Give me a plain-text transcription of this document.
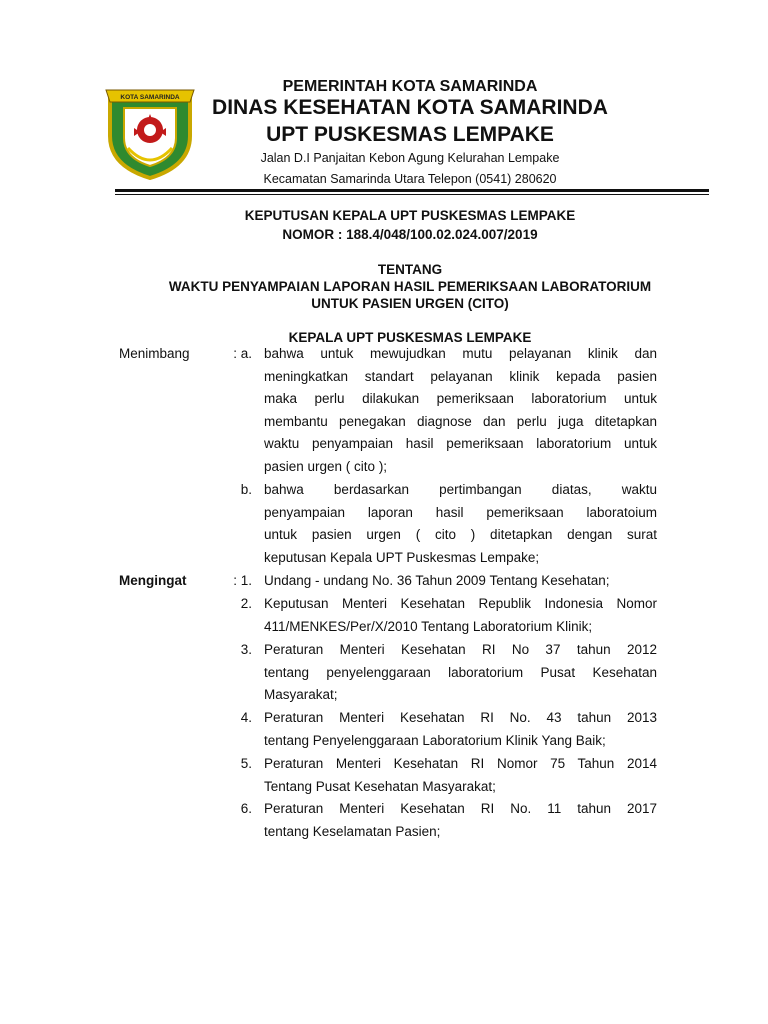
KOTA SAMARINDA
PEMERINTAH KOTA SAMARINDA
DINAS KESEHATAN KOTA SAMARINDA
UPT PUSKESMAS LEMPAKE
Jalan D.I Panjaitan Kebon Agung Kelurahan Lempake
Kecamatan Samarinda Utara Telepon (0541) 280620
KEPUTUSAN KEPALA UPT PUSKESMAS LEMPAKE
NOMOR : 188.4/048/100.02.024.007/2019
TENTANG
WAKTU PENYAMPAIAN LAPORAN HASIL PEMERIKSAAN LABORATORIUM
UNTUK PASIEN URGEN (CITO)
KEPALA UPT PUSKESMAS LEMPAKE
Menimbang	: a. bahwa untuk mewujudkan mutu pelayanan klinik dan
meningkatkan standart pelayanan klinik kepada pasien
maka perlu dilakukan pemeriksaan laboratorium untuk
membantu penegakan diagnose dan perlu juga ditetapkan
waktu penyampaian hasil pemeriksaan laboratorium untuk
pasien urgen ( cito );
b. bahwa berdasarkan pertimbangan diatas, waktu
penyampaian laporan hasil pemeriksaan laboratoium
untuk pasien urgen ( cito ) ditetapkan dengan surat
keputusan Kepala UPT Puskesmas Lempake;
Mengingat	: 1. Undang - undang No. 36 Tahun 2009 Tentang Kesehatan;
2. Keputusan Menteri Kesehatan Republik Indonesia Nomor
411/MENKES/Per/X/2010 Tentang Laboratorium Klinik;
3. Peraturan Menteri Kesehatan RI No 37 tahun 2012
tentang penyelenggaraan laboratorium Pusat Kesehatan
Masyarakat;
4. Peraturan Menteri Kesehatan RI No. 43 tahun 2013
tentang Penyelenggaraan Laboratorium Klinik Yang Baik;
5. Peraturan Menteri Kesehatan RI Nomor 75 Tahun 2014
Tentang Pusat Kesehatan Masyarakat;
6. Peraturan Menteri Kesehatan RI No. 11 tahun 2017
tentang Keselamatan Pasien;
